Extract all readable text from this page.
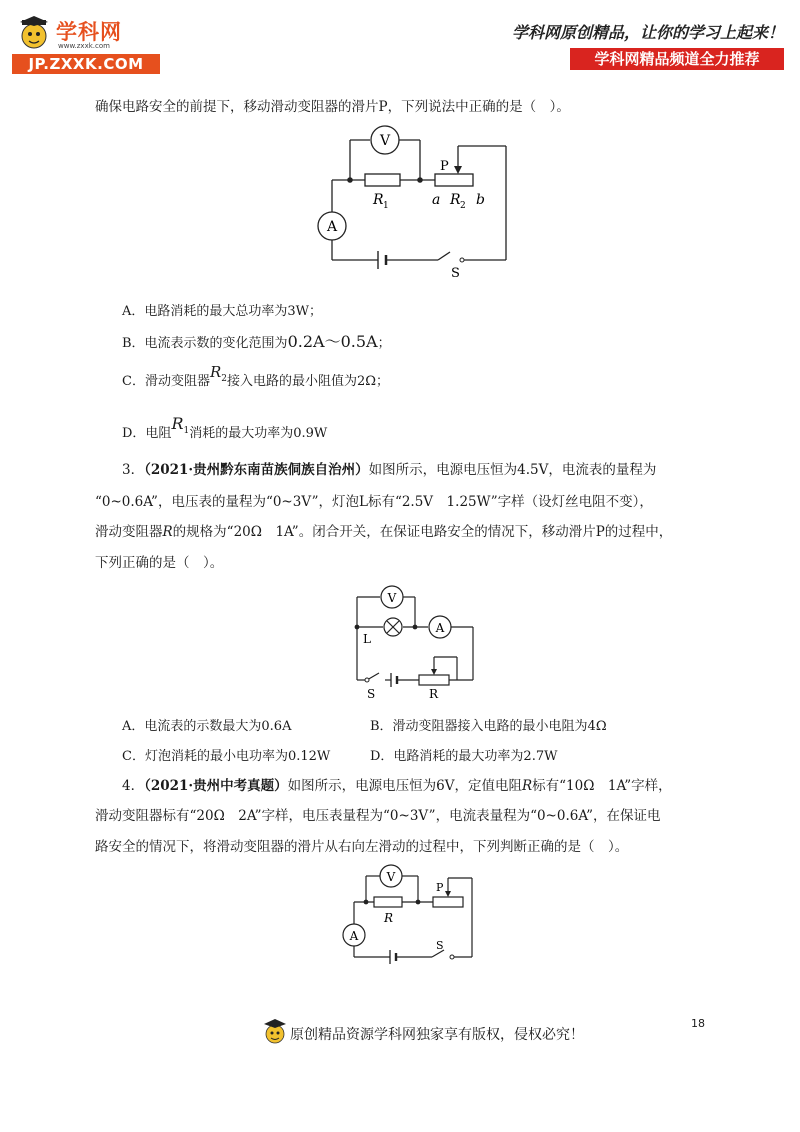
学科网
www.zxxk.com
JP.ZXXK.COM
学科网原创精品，让你的学习上起来！
学科网精品频道全力推荐
确保电路安全的前提下，移动滑动变阻器的滑片P，下列说法中正确的是（　）。
V
A
R 1
P
a R 2 b
S
A．电路消耗的最大总功率为3W；
B．电流表示数的变化范围为0.2A～0.5A；
C．滑动变阻器$R^2$接入电路的最小阻值为2Ω；
D．电阻$R^1$消耗的最大功率为0.9W
3．（2021·贵州黔东南苗族侗族自治州）如图所示，电源电压恒为4.5V，电流表的量程为
“0~0.6A”，电压表的量程为“0~3V”，灯泡L标有“2.5V　1.25W”字样（设灯丝电阻不变），
滑动变阻器R的规格为“20Ω　1A”。闭合开关，在保证电路安全的情况下，移动滑片P的过程中，
下列正确的是（　）。
V
A
L
S	R
A．电流表的示数最大为0.6A	B．滑动变阻器接入电路的最小电阻为4Ω
C．灯泡消耗的最小电功率为0.12W	D．电路消耗的最大功率为2.7W
4．（2021·贵州中考真题）如图所示，电源电压恒为6V，定值电阻R标有“10Ω　1A”字样，
滑动变阻器标有“20Ω　2A”字样，电压表量程为“0~3V”，电流表量程为“0~0.6A”，在保证电
路安全的情况下，将滑动变阻器的滑片从右向左滑动的过程中，下列判断正确的是（　）。
V
A
R
P
S
18
原创精品资源学科网独家享有版权，侵权必究！
